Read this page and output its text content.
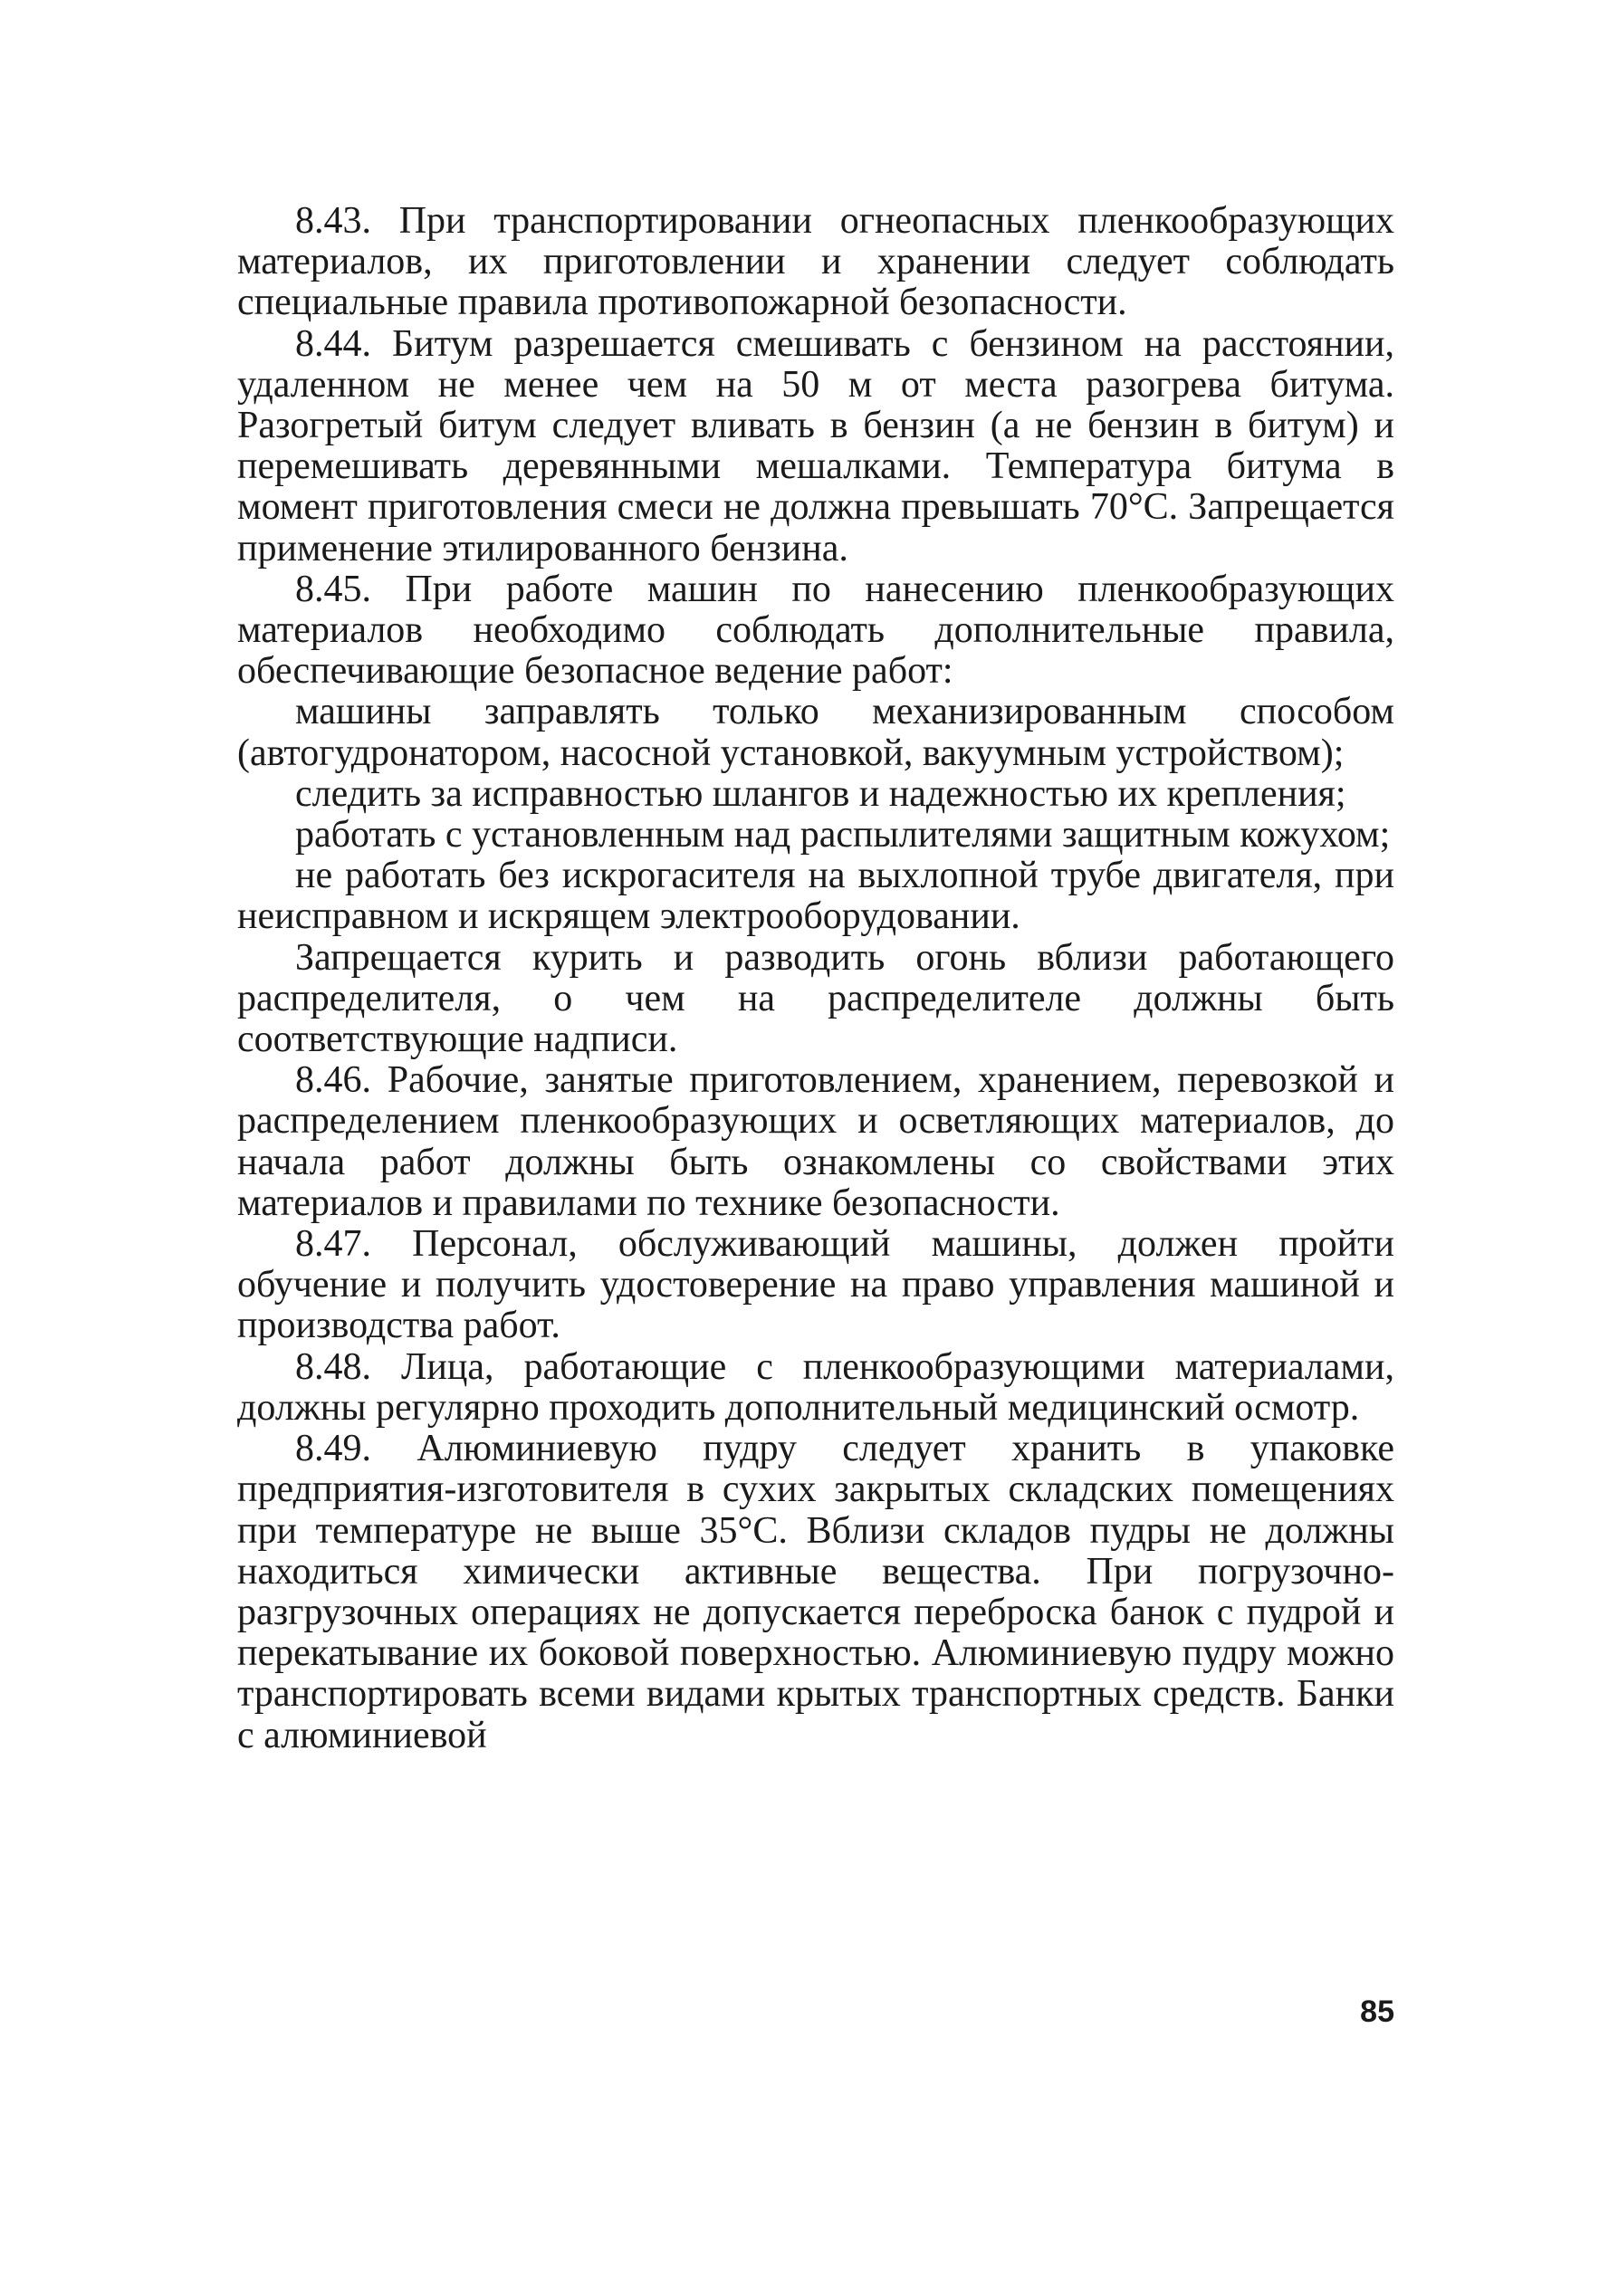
8.43. При транспортировании огнеопасных пленкообразующих материалов, их приготовлении и хранении следует соблюдать специальные правила противопожарной безопасности.

8.44. Битум разрешается смешивать с бензином на расстоянии, удаленном не менее чем на 50 м от места разогрева битума. Разогретый битум следует вливать в бензин (а не бензин в битум) и перемешивать деревянными мешалками. Температура битума в момент приготовления смеси не должна превышать 70°С. Запрещается применение этилированного бензина.

8.45. При работе машин по нанесению пленкообразующих материалов необходимо соблюдать дополнительные правила, обеспечивающие безопасное ведение работ:

машины заправлять только механизированным способом (автогудронатором, насосной установкой, вакуумным устройством);

следить за исправностью шлангов и надежностью их крепления;

работать с установленным над распылителями защитным кожухом;

не работать без искрогасителя на выхлопной трубе двигателя, при неисправном и искрящем электрооборудовании.

Запрещается курить и разводить огонь вблизи работающего распределителя, о чем на распределителе должны быть соответствующие надписи.

8.46. Рабочие, занятые приготовлением, хранением, перевозкой и распределением пленкообразующих и осветляющих материалов, до начала работ должны быть ознакомлены со свойствами этих материалов и правилами по технике безопасности.

8.47. Персонал, обслуживающий машины, должен пройти обучение и получить удостоверение на право управления машиной и производства работ.

8.48. Лица, работающие с пленкообразующими материалами, должны регулярно проходить дополнительный медицинский осмотр.

8.49. Алюминиевую пудру следует хранить в упаковке предприятия-изготовителя в сухих закрытых складских помещениях при температуре не выше 35°С. Вблизи складов пудры не должны находиться химически активные вещества. При погрузочно-разгрузочных операциях не допускается переброска банок с пудрой и перекатывание их боковой поверхностью. Алюминиевую пудру можно транспортировать всеми видами крытых транспортных средств. Банки с алюминиевой

85
